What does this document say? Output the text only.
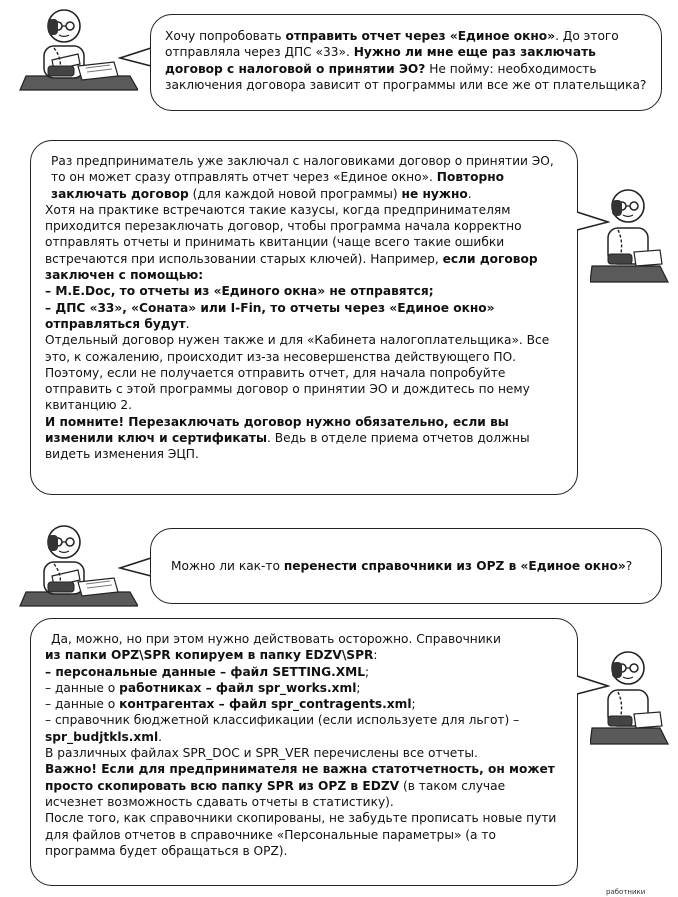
Хочу попробовать отправить отчет через «Единое окно». До этого отправляла через ДПС «33». Нужно ли мне еще раз заключать договор с налоговой о принятии ЭО? Не пойму: необходимость заключения договора зависит от программы или все же от плательщика?

Раз предприниматель уже заключал с налоговиками договор о принятии ЭО, то он может сразу отправлять отчет через «Единое окно». Повторно заключать договор (для каждой новой программы) не нужно.

Хотя на практике встречаются такие казусы, когда предпринимателям приходится перезаключать договор, чтобы программа начала корректно отправлять отчеты и принимать квитанции (чаще всего такие ошибки встречаются при использовании старых ключей). Например, если договор заключен с помощью:

– M.E.Doc, то отчеты из «Единого окна» не отправятся;

– ДПС «33», «Соната» или I-Fin, то отчеты через «Единое окно» отправляться будут.

Отдельный договор нужен также и для «Кабинета налогоплательщика». Все это, к сожалению, происходит из-за несовершенства действующего ПО. Поэтому, если не получается отправить отчет, для начала попробуйте отправить с этой программы договор о принятии ЭО и дождитесь по нему квитанцию 2.

И помните! Перезаключать договор нужно обязательно, если вы изменили ключ и сертификаты. Ведь в отделе приема отчетов должны видеть изменения ЭЦП.

Можно ли как-то перенести справочники из OPZ в «Единое окно»?

Да, можно, но при этом нужно действовать осторожно. Справочники

из папки OPZ\SPR копируем в папку EDZV\SPR:

– персональные данные – файл SETTING.XML;

– данные о работниках – файл spr_works.xml;

– данные о контрагентах – файл spr_contragents.xml;

– справочник бюджетной классификации (если используете для льгот) –

spr_budjtkls.xml.

В различных файлах SPR_DOC и SPR_VER перечислены все отчеты.

Важно! Если для предпринимателя не важна статотчетность, он может просто скопировать всю папку SPR из OPZ в EDZV (в таком случае исчезнет возможность сдавать отчеты в статистику).

После того, как справочники скопированы, не забудьте прописать новые пути для файлов отчетов в справочнике «Персональные параметры» (а то программа будет обращаться в OPZ).

работники
